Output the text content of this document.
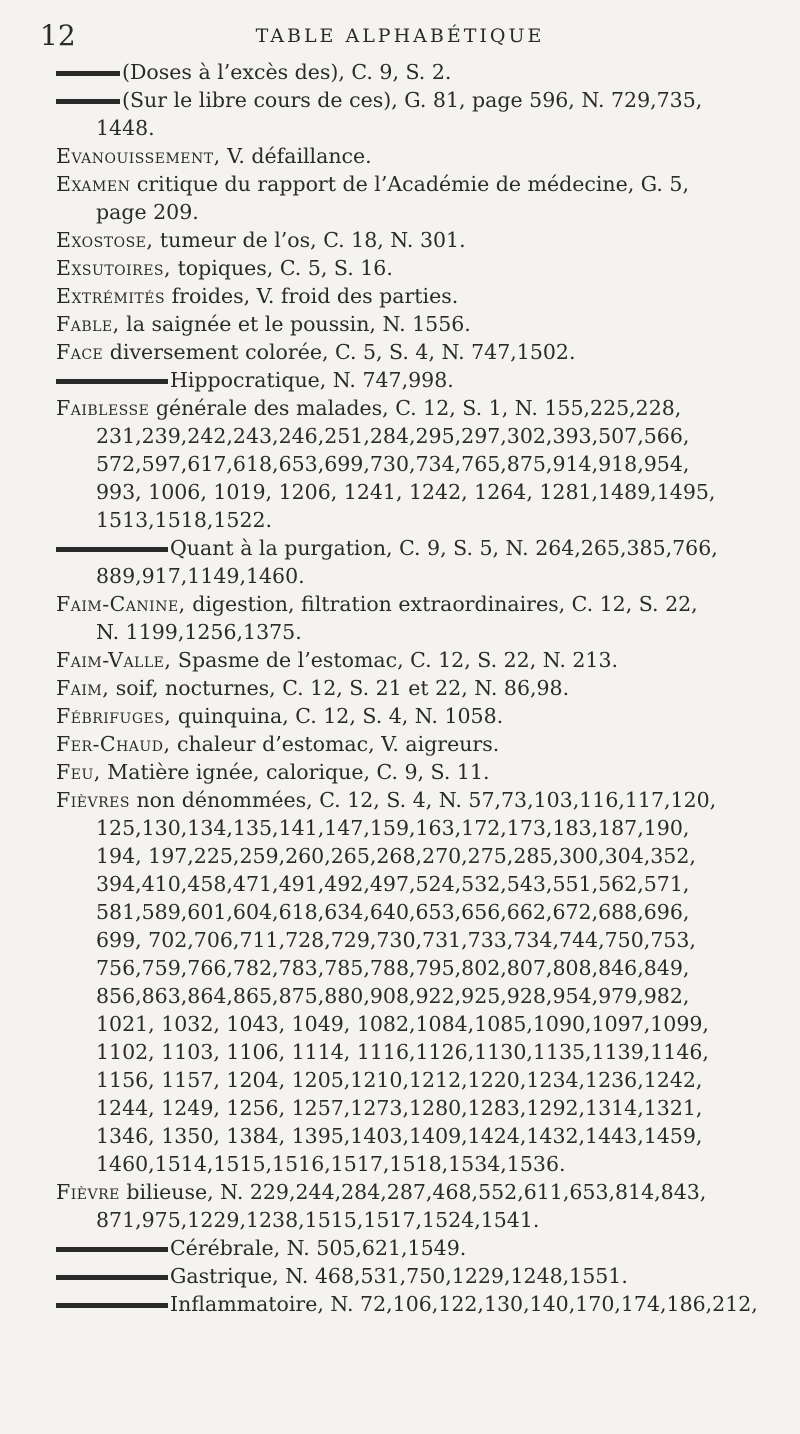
12	TABLE ALPHABÉTIQUE
(Doses à l’excès des), C. 9, S. 2.
(Sur le libre cours de ces), G. 81, page 596, N. 729,735,
1448.
Evanouissement, V. défaillance.
Examen critique du rapport de l’Académie de médecine, G. 5,
page 209.
Exostose, tumeur de l’os, C. 18, N. 301.
Exsutoires, topiques, C. 5, S. 16.
Extrémités froides, V. froid des parties.
Fable, la saignée et le poussin, N. 1556.
Face diversement colorée, C. 5, S. 4, N. 747,1502.
Hippocratique, N. 747,998.
Faiblesse générale des malades, C. 12, S. 1, N. 155,225,228,
231,239,242,243,246,251,284,295,297,302,393,507,566,
572,597,617,618,653,699,730,734,765,875,914,918,954,
993, 1006, 1019, 1206, 1241, 1242, 1264, 1281,1489,1495,
1513,1518,1522.
Quant à la purgation, C. 9, S. 5, N. 264,265,385,766,
889,917,1149,1460.
Faim-Canine, digestion, filtration extraordinaires, C. 12, S. 22,
N. 1199,1256,1375.
Faim-Valle, Spasme de l’estomac, C. 12, S. 22, N. 213.
Faim, soif, nocturnes, C. 12, S. 21 et 22, N. 86,98.
Fébrifuges, quinquina, C. 12, S. 4, N. 1058.
Fer-Chaud, chaleur d’estomac, V. aigreurs.
Feu, Matière ignée, calorique, C. 9, S. 11.
Fièvres non dénommées, C. 12, S. 4, N. 57,73,103,116,117,120,
125,130,134,135,141,147,159,163,172,173,183,187,190,
194, 197,225,259,260,265,268,270,275,285,300,304,352,
394,410,458,471,491,492,497,524,532,543,551,562,571,
581,589,601,604,618,634,640,653,656,662,672,688,696,
699, 702,706,711,728,729,730,731,733,734,744,750,753,
756,759,766,782,783,785,788,795,802,807,808,846,849,
856,863,864,865,875,880,908,922,925,928,954,979,982,
1021, 1032, 1043, 1049, 1082,1084,1085,1090,1097,1099,
1102, 1103, 1106, 1114, 1116,1126,1130,1135,1139,1146,
1156, 1157, 1204, 1205,1210,1212,1220,1234,1236,1242,
1244, 1249, 1256, 1257,1273,1280,1283,1292,1314,1321,
1346, 1350, 1384, 1395,1403,1409,1424,1432,1443,1459,
1460,1514,1515,1516,1517,1518,1534,1536.
Fièvre bilieuse, N. 229,244,284,287,468,552,611,653,814,843,
871,975,1229,1238,1515,1517,1524,1541.
Cérébrale, N. 505,621,1549.
Gastrique, N. 468,531,750,1229,1248,1551.
Inflammatoire, N. 72,106,122,130,140,170,174,186,212,
